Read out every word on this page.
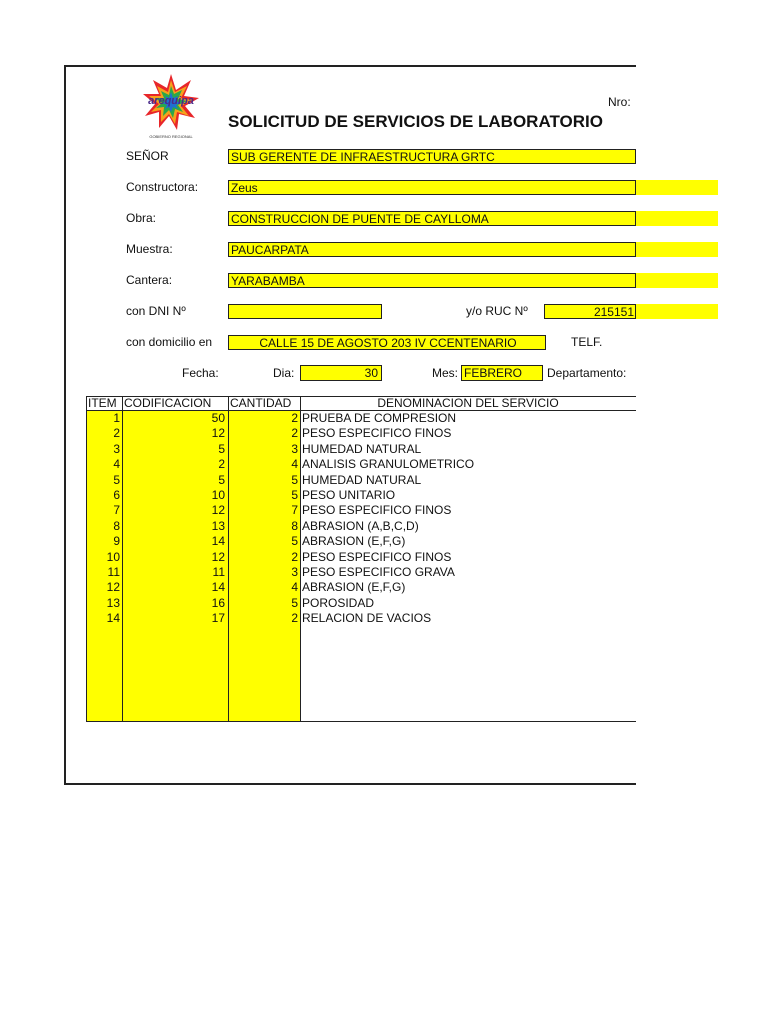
arequipa
GOBIERNO REGIONAL
Nro:
SOLICITUD DE SERVICIOS DE LABORATORIO
SEÑOR	SUB GERENTE DE INFRAESTRUCTURA GRTC
Constructora:	Zeus
Obra:	CONSTRUCCION DE PUENTE DE CAYLLOMA
Muestra:	PAUCARPATA
Cantera:	YARABAMBA
con DNI Nº	y/o RUC Nº	215151
con domicilio en	CALLE 15 DE AGOSTO 203 IV CCENTENARIO	TELF.
Fecha:	Dia:	30	Mes: FEBRERO	Departamento:
ITEM CODIFICACION	CANTIDAD	DENOMINACION DEL SERVICIO
1	50	2 PRUEBA DE COMPRESION
2	12	2 PESO ESPECIFICO FINOS
3	5	3 HUMEDAD NATURAL
4	2	4 ANALISIS GRANULOMETRICO
5	5	5 HUMEDAD NATURAL
6	10	5 PESO UNITARIO
7	12	7 PESO ESPECIFICO FINOS
8	13	8 ABRASION (A,B,C,D)
9	14	5 ABRASION (E,F,G)
10	12	2 PESO ESPECIFICO FINOS
11	11	3 PESO ESPECIFICO GRAVA
12	14	4 ABRASION (E,F,G)
13	16	5 POROSIDAD
14	17	2 RELACION DE VACIOS
